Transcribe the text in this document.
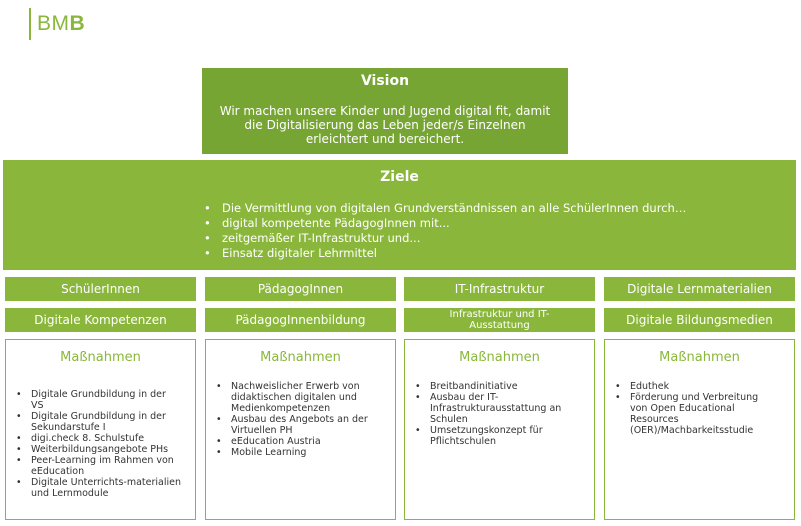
BMB
Vision
Wir machen unsere Kinder und Jugend digital fit, damit die Digitalisierung das Leben jeder/s Einzelnen erleichtert und bereichert.
Ziele
• Die Vermittlung von digitalen Grundverständnissen an alle SchülerInnen durch…
• digital kompetente PädagogInnen mit...
• zeitgemäßer IT-Infrastruktur und...
• Einsatz digitaler Lehrmittel
SchülerInnen	PädagogInnen	IT-Infrastruktur	Digitale Lernmaterialien
Digitale Kompetenzen	PädagogInnenbildung	Infrastruktur und IT-Ausstattung	Digitale Bildungsmedien
Maßnahmen
• Digitale Grundbildung in der VS
• Digitale Grundbildung in der Sekundarstufe I
• digi.check 8. Schulstufe
• Weiterbildungsangebote PHs
• Peer-Learning im Rahmen von eEducation
• Digitale Unterrichts-materialien und Lernmodule
Maßnahmen
• Nachweislicher Erwerb von didaktischen digitalen und Medienkompetenzen
• Ausbau des Angebots an der Virtuellen PH
• eEducation Austria
• Mobile Learning
Maßnahmen
• Breitbandinitiative
• Ausbau der IT-Infrastrukturausstattung an Schulen
• Umsetzungskonzept für Pflichtschulen
Maßnahmen
• Eduthek
• Förderung und Verbreitung von Open Educational Resources (OER)/Machbarkeitsstudie
